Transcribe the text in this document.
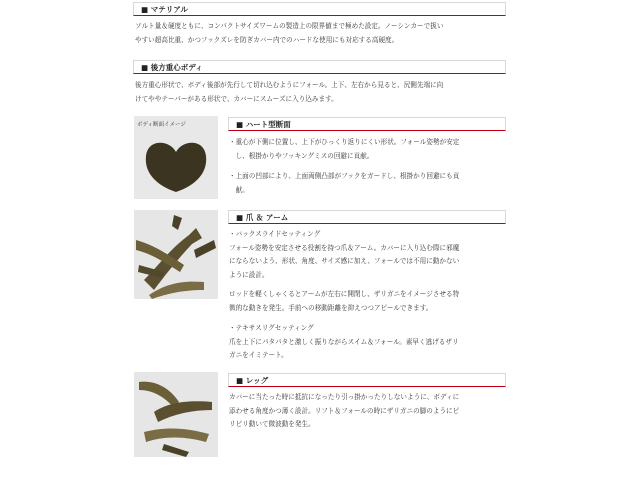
■ マテリアル
ソルト量＆硬度ともに、コンパクトサイズワームの製造上の限界値まで極めた設定。ノーシンカーで扱い
やすい超高比重、かつフックズレを防ぎカバー内でのハードな使用にも対応する高硬度。
■ 後方重心ボディ
後方重心形状で、ボディ後部が先行して切れ込むようにフォール。上下、左右から見ると、尻側先端に向
けてややテーパーがある形状で、カバーにスムーズに入り込みます。
ボディ断面イメージ	■ ハート型断面
・重心が下側に位置し、上下がひっくり返りにくい形状。フォール姿勢が安定
　し、根掛かりやフッキングミスの回避に貢献。
・上面の凹部により、上面両側凸部がフックをガードし、根掛かり回避にも貢
　献。
■ 爪 ＆ アーム
・バックスライドセッティング
フォール姿勢を安定させる役割を持つ爪＆アーム。カバーに入り込む際に邪魔
にならないよう、形状、角度、サイズ感に加え、フォールでは不用に動かない
ように設計。
ロッドを軽くしゃくるとアームが左右に開閉し、ザリガニをイメージさせる特
徴的な動きを発生。手前への移動距離を抑えつつアピールできます。
・テキサスリグセッティング
爪を上下にパタパタと激しく振りながらスイム＆フォール。素早く逃げるザリ
ガニをイミテート。
■ レッグ
カバーに当たった時に抵抗になったり引っ掛かったりしないように、ボディに
添わせる角度かつ薄く設計。リフト＆フォールの時にザリガニの脚のようにピ
リピリ動いて微波動を発生。
